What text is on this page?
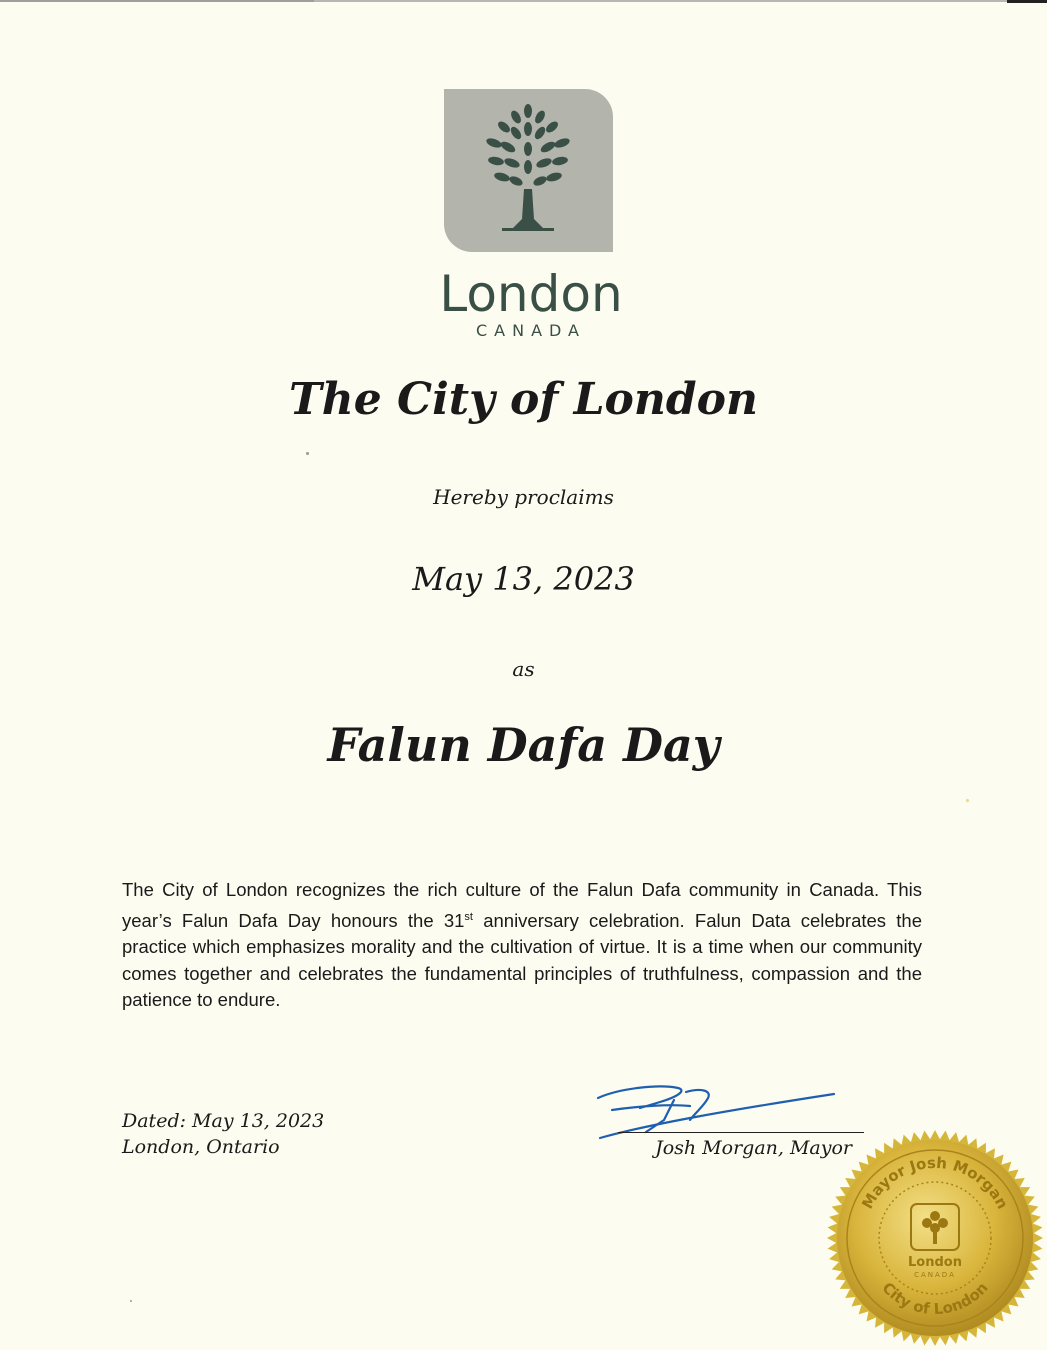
London
CANADA
The City of London
Hereby proclaims
May 13, 2023
as
Falun Dafa Day
The City of London recognizes the rich culture of the Falun Dafa community in Canada. This year’s Falun Dafa Day honours the 31st anniversary celebration. Falun Data celebrates the practice which emphasizes morality and the cultivation of virtue. It is a time when our community comes together and celebrates the fundamental principles of truthfulness, compassion and the patience to endure.
Dated: May 13, 2023
London, Ontario	Josh Morgan, Mayor
Mayor Josh Morgan
City of London
London
CANADA
